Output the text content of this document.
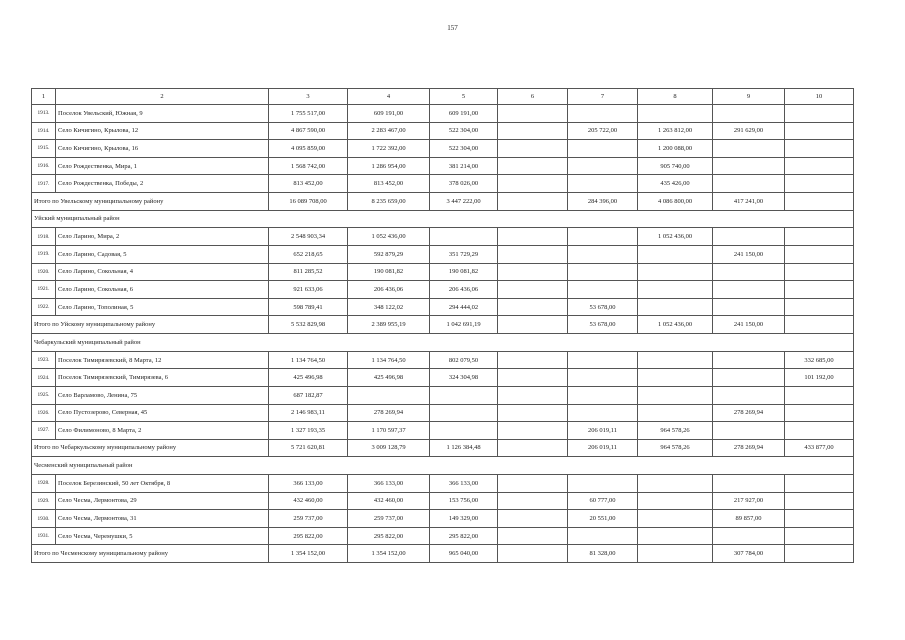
157
1	2	3	4	5	6	7	8	9	10
1913.	Поселок Увельский, Южная, 9	1 755 517,00	609 191,00	609 191,00					
1914.	Село Кичигино, Крылова, 12	4 867 590,00	2 283 467,00	522 304,00		205 722,00	1 263 812,00	291 629,00	
1915.	Село Кичигино, Крылова, 16	4 095 859,00	1 722 392,00	522 304,00			1 200 088,00		
1916.	Село Рождественка, Мира, 1	1 568 742,00	1 286 954,00	381 214,00			905 740,00		
1917.	Село Рождественка, Победы, 2	813 452,00	813 452,00	378 026,00			435 426,00		
Итого по Увельскому муниципальному району		16 089 708,00	8 235 659,00	3 447 222,00		284 396,00	4 086 800,00	417 241,00	
Уйский муниципальный район									
1918.	Село Ларино, Мира, 2	2 548 903,34	1 052 436,00				1 052 436,00		
1919.	Село Ларино, Садовая, 5	652 218,65	592 879,29	351 729,29				241 150,00	
1920.	Село Ларино, Сокольная, 4	811 285,52	190 081,82	190 081,82					
1921.	Село Ларино, Сокольная, 6	921 633,06	206 436,06	206 436,06					
1922.	Село Ларино, Тополиная, 5	598 789,41	348 122,02	294 444,02		53 678,00			
Итого по Уйскому муниципальному району		5 532 829,98	2 389 955,19	1 042 691,19		53 678,00	1 052 436,00	241 150,00	
Чебаркульский муниципальный район									
1923.	Поселок Тимирязевский, 8 Марта, 12	1 134 764,50	1 134 764,50	802 079,50					332 685,00
1924.	Поселок Тимирязевский, Тимирязева, 6	425 496,98	425 496,98	324 304,98					101 192,00
1925.	Село Варламово, Ленина, 75	687 182,87							
1926.	Село Пустозерово, Северная, 45	2 146 983,11	278 269,94					278 269,94	
1927.	Село Филимоново, 8 Марта, 2	1 327 193,35	1 170 597,37			206 019,11	964 578,26		
Итого по Чебаркульскому муниципальному району		5 721 620,81	3 009 128,79	1 126 384,48		206 019,11	964 578,26	278 269,94	433 877,00
Чесменский муниципальный район									
1928.	Поселок Березинский, 50 лет Октября, 8	366 133,00	366 133,00	366 133,00					
1929.	Село Чесма, Лермонтова, 29	432 460,00	432 460,00	153 756,00		60 777,00		217 927,00	
1930.	Село Чесма, Лермонтова, 31	259 737,00	259 737,00	149 329,00		20 551,00		89 857,00	
1931.	Село Чесма, Черемушки, 5	295 822,00	295 822,00	295 822,00					
Итого по Чесменскому муниципальному району		1 354 152,00	1 354 152,00	965 040,00		81 328,00		307 784,00	
